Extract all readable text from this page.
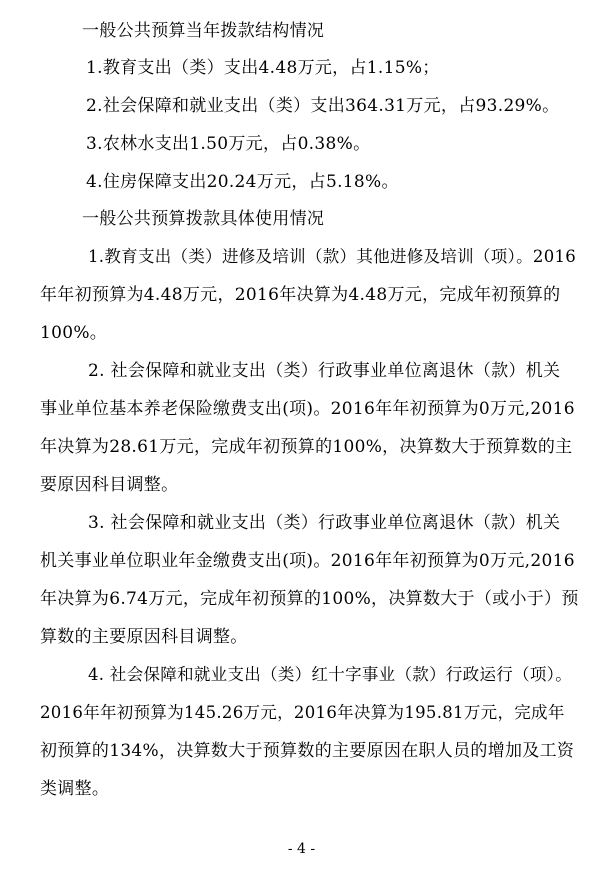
一般公共预算当年拨款结构情况
1.教育支出（类）支出4.48万元，占1.15%；
2.社会保障和就业支出（类）支出364.31万元，占93.29%。
3.农林水支出1.50万元，占0.38%。
4.住房保障支出20.24万元，占5.18%。
一般公共预算拨款具体使用情况
1.教育支出（类）进修及培训（款）其他进修及培训（项）。2016
年年初预算为4.48万元，2016年决算为4.48万元，完成年初预算的
100%。
2. 社会保障和就业支出（类）行政事业单位离退休（款）机关
事业单位基本养老保险缴费支出(项)。2016年年初预算为0万元,2016
年决算为28.61万元，完成年初预算的100%，决算数大于预算数的主
要原因科目调整。
3. 社会保障和就业支出（类）行政事业单位离退休（款）机关
机关事业单位职业年金缴费支出(项)。2016年年初预算为0万元,2016
年决算为6.74万元，完成年初预算的100%，决算数大于（或小于）预
算数的主要原因科目调整。
4. 社会保障和就业支出（类）红十字事业（款）行政运行（项）。
2016年年初预算为145.26万元，2016年决算为195.81万元，完成年
初预算的134%，决算数大于预算数的主要原因在职人员的增加及工资
类调整。
- 4 -
